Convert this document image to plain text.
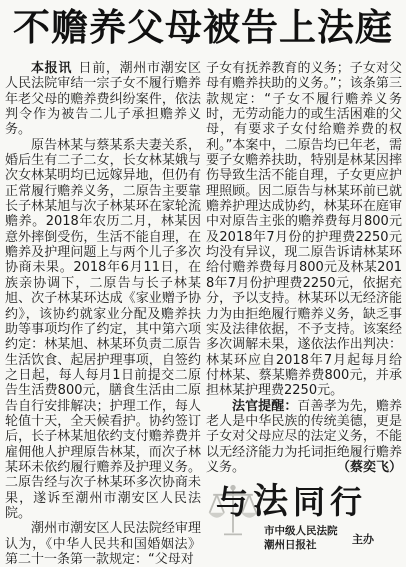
不赡养父母被告上法庭

本报讯 日前，潮州市潮安区人民法院审结一宗子女不履行赡养年老父母的赡养费纠纷案件，依法判令作为被告二儿子承担赡养义务。

原告林某与蔡某系夫妻关系，婚后生有二子二女，长女林某娥与次女林某明均已远嫁异地，但仍有正常履行赡养义务，二原告主要靠长子林某旭与次子林某环在家轮流赡养。2018年农历二月，林某因意外摔倒受伤，生活不能自理，在赡养及护理问题上与两个儿子多次协商未果。2018年6月11日，在族亲协调下，二原告与长子林某旭、次子林某环达成《家业赠予协约》，该协约就家业分配及赡养扶助等事项均作了约定，其中第六项约定：林某旭、林某环负责二原告生活饮食、起居护理事项，自签约之日起，每人每月1日前提交二原告生活费800元，膳食生活由二原告自行安排解决；护理工作，每人轮值十天，全天候看护。协约签订后，长子林某旭依约支付赡养费并雇佣他人护理原告林某，而次子林某环未依约履行赡养及护理义务。二原告经与次子林某环多次协商未果，遂诉至潮州市潮安区人民法院。

潮州市潮安区人民法院经审理认为，《中华人民共和国婚姻法》第二十一条第一款规定：“父母对

子女有抚养教育的义务；子女对父母有赡养扶助的义务。”；该条第三款规定：“子女不履行赡养义务时，无劳动能力的或生活困难的父母，有要求子女付给赡养费的权利。”本案中，二原告均已年老，需要子女赡养扶助，特别是林某因摔伤导致生活不能自理，子女更应护理照顾。因二原告与林某环前已就赡养护理达成协约，林某环在庭审中对原告主张的赡养费每月800元及2018年7月份的护理费2250元均没有异议，现二原告诉请林某环给付赡养费每月800元及林某2018年7月份护理费2250元，依据充分，予以支持。林某环以无经济能力为由拒绝履行赡养义务，缺乏事实及法律依据，不予支持。该案经多次调解未果，遂依法作出判决：林某环应自2018年7月起每月给付林某、蔡某赡养费800元，并承担林某护理费2250元。

法官提醒：百善孝为先，赡养老人是中华民族的传统美德，更是子女对父母应尽的法定义务，不能以无经济能力为托词拒绝履行赡养义务。	（蔡奕飞）

与法同行
市中级人民法院
潮州日报社	主办
